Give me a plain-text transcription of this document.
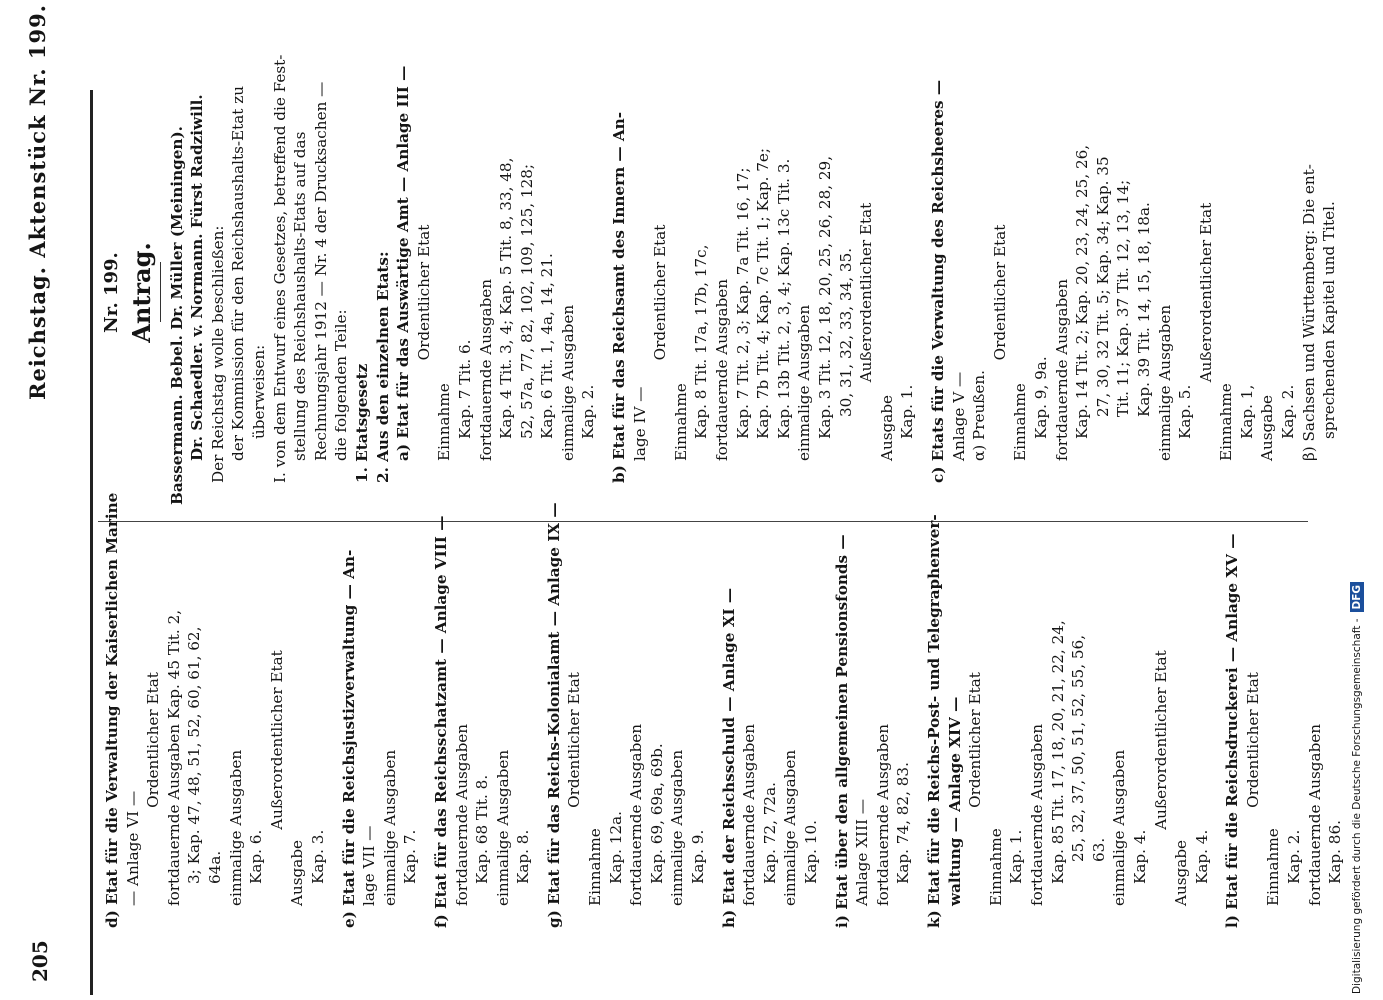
205
Reichstag. Aktenstück Nr. 199.	Nr. 199. Antrag. Bassermann. Bebel. Dr. Müller (Meiningen). Dr. Schaedler. v. Normann. Fürst Radziwill. Der Reichstag wolle beschließen: der Kommission für den Reichshaushalts-Etat zu überweisen: I. von dem Entwurf eines Gesetzes, betreffend die Fest- stellung des Reichshaushalts-Etats auf das Rechnungsjahr 1912 — Nr. 4 der Drucksachen — die folgenden Teile: 1. Etatsgesetz 2. Aus den einzelnen Etats: a) Etat für das Auswärtige Amt — Anlage III — Ordentlicher Etat
Einnahme Kap. 7 Tit. 6. fortdauernde Ausgaben Kap. 4 Tit. 3, 4; Kap. 5 Tit. 8, 33, 48, 52, 57a, 77, 82, 102, 109, 125, 128; Kap. 6 Tit. 1, 4a, 14, 21. einmalige Ausgaben Kap. 2. b) Etat für das Reichsamt des Innern — An- lage IV —
Ordentlicher Etat
Einnahme Kap. 8 Tit. 17a, 17b, 17c, fortdauernde Ausgaben Kap. 7 Tit. 2, 3; Kap. 7a Tit. 16, 17; Kap. 7b Tit. 4; Kap. 7c Tit. 1; Kap. 7e; Kap. 13b Tit. 2, 3, 4; Kap. 13c Tit. 3. einmalige Ausgaben Kap. 3 Tit. 12, 18, 20, 25, 26, 28, 29, 30, 31, 32, 33, 34, 35. Außerordentlicher Etat
Ausgabe Kap. 1. c) Etats für die Verwaltung des Reichsheeres — Anlage V — α) Preußen.
Ordentlicher Etat
Einnahme Kap. 9, 9a. fortdauernde Ausgaben Kap. 14 Tit. 2; Kap. 20, 23, 24, 25, 26, 27, 30, 32 Tit. 5; Kap. 34; Kap. 35 Tit. 11; Kap. 37 Tit. 12, 13, 14; Kap. 39 Tit. 14, 15, 18, 18a. einmalige Ausgaben Kap. 5.
Außerordentlicher Etat
Einnahme Kap. 1, Ausgabe Kap. 2. β) Sachsen und Württemberg: Die ent- sprechenden Kapitel und Titel.
d) Etat für die Verwaltung der Kaiserlichen Marine — Anlage VI —
Ordentlicher Etat fortdauernde Ausgaben Kap. 45 Tit. 2, 3; Kap. 47, 48, 51, 52, 60, 61, 62, 64a. einmalige Ausgaben Kap. 6.
Außerordentlicher Etat
Ausgabe Kap. 3. e) Etat für die Reichsjustizverwaltung — An- lage VII — einmalige Ausgaben Kap. 7. f) Etat für das Reichsschatzamt — Anlage VIII — fortdauernde Ausgaben Kap. 68 Tit. 8. einmalige Ausgaben Kap. 8. g) Etat für das Reichs-Kolonialamt — Anlage IX — Ordentlicher Etat
Einnahme Kap. 12a. fortdauernde Ausgaben Kap. 69, 69a, 69b. einmalige Ausgaben Kap. 9. h) Etat der Reichsschuld — Anlage XI — fortdauernde Ausgaben Kap. 72, 72a. einmalige Ausgaben Kap. 10. i) Etat über den allgemeinen Pensionsfonds — Anlage XIII — fortdauernde Ausgaben Kap. 74, 82, 83. k) Etat für die Reichs-Post- und Telegraphenver- waltung — Anlage XIV — Ordentlicher Etat
Einnahme Kap. 1. fortdauernde Ausgaben Kap. 85 Tit. 17, 18, 20, 21, 22, 24, 25, 32, 37, 50, 51, 52, 55, 56, 63. einmalige Ausgaben Kap. 4.
Außerordentlicher Etat
Ausgabe Kap. 4. l) Etat für die Reichsdruckerei — Anlage XV — Ordentlicher Etat
Einnahme Kap. 2. fortdauernde Ausgaben Kap. 86. Digitalisierung gefördert durch die Deutsche Forschungsgemeinschaft -DFG
